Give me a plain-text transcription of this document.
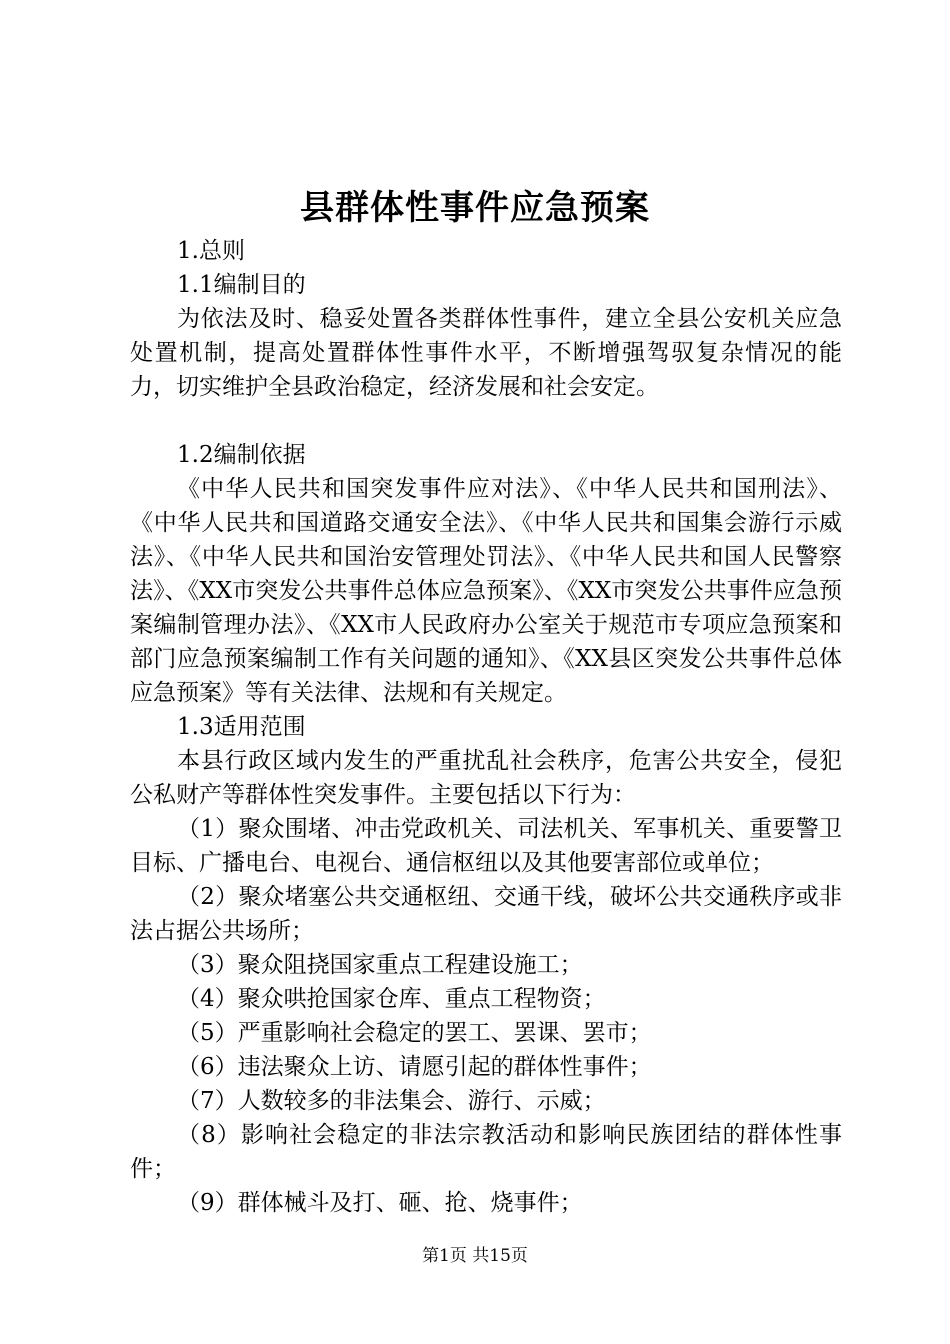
县群体性事件应急预案

1.总则

1.1编制目的

为依法及时、稳妥处置各类群体性事件，建立全县公安机关应急处置机制，提高处置群体性事件水平，不断增强驾驭复杂情况的能力，切实维护全县政治稳定，经济发展和社会安定。

1.2编制依据

《中华人民共和国突发事件应对法》、《中华人民共和国刑法》、《中华人民共和国道路交通安全法》、《中华人民共和国集会游行示威法》、《中华人民共和国治安管理处罚法》、《中华人民共和国人民警察法》、《XX市突发公共事件总体应急预案》、《XX市突发公共事件应急预案编制管理办法》、《XX市人民政府办公室关于规范市专项应急预案和部门应急预案编制工作有关问题的通知》、《XX县区突发公共事件总体应急预案》等有关法律、法规和有关规定。

1.3适用范围

本县行政区域内发生的严重扰乱社会秩序，危害公共安全，侵犯公私财产等群体性突发事件。主要包括以下行为：

（1）聚众围堵、冲击党政机关、司法机关、军事机关、重要警卫目标、广播电台、电视台、通信枢纽以及其他要害部位或单位；

（2）聚众堵塞公共交通枢纽、交通干线，破坏公共交通秩序或非法占据公共场所；

（3）聚众阻挠国家重点工程建设施工；

（4）聚众哄抢国家仓库、重点工程物资；

（5）严重影响社会稳定的罢工、罢课、罢市；

（6）违法聚众上访、请愿引起的群体性事件；

（7）人数较多的非法集会、游行、示威；

（8）影响社会稳定的非法宗教活动和影响民族团结的群体性事件；

（9）群体械斗及打、砸、抢、烧事件；

第1页 共15页
